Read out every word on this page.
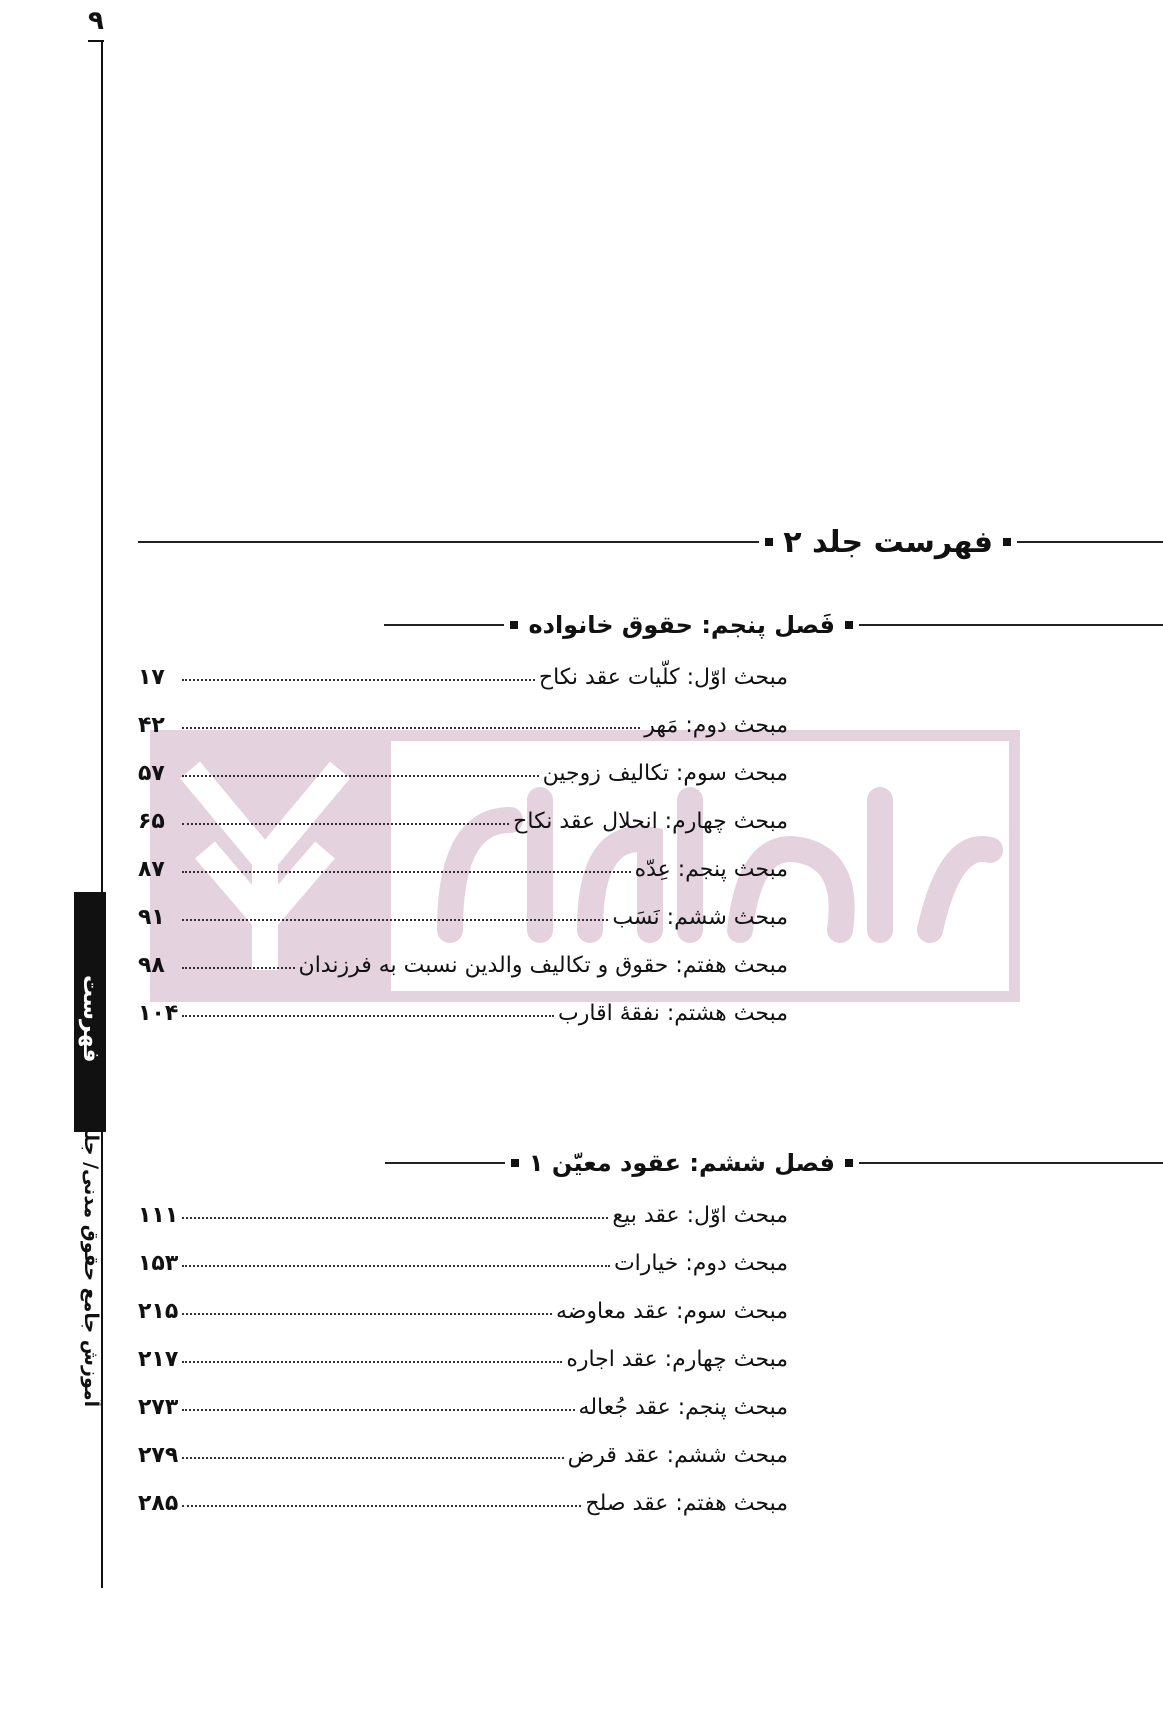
۹
فهرست
آموزش جامع حقوق مدنی/ جلد ۱
فهرست جلد ۲
فَصل پنجم: حقوق خانواده
مبحث اوّل: کلّیات عقد نکاح
۱۷
مبحث دوم: مَهر
۴۲
مبحث سوم: تکالیف زوجین
۵۷
مبحث چهارم: انحلال عقد نکاح
۶۵
مبحث پنجم: عِدّه
۸۷
مبحث ششم: نَسَب
۹۱
مبحث هفتم: حقوق و تکالیف والدین نسبت به فرزندان
۹۸
مبحث هشتم: نفقهٔ اقارب
۱۰۴
فصل ششم: عقود معیّن ۱
مبحث اوّل: عقد بیع
۱۱۱
مبحث دوم: خیارات
۱۵۳
مبحث سوم: عقد معاوضه
۲۱۵
مبحث چهارم: عقد اجاره
۲۱۷
مبحث پنجم: عقد جُعاله
۲۷۳
مبحث ششم: عقد قرض
۲۷۹
مبحث هفتم: عقد صلح
۲۸۵
